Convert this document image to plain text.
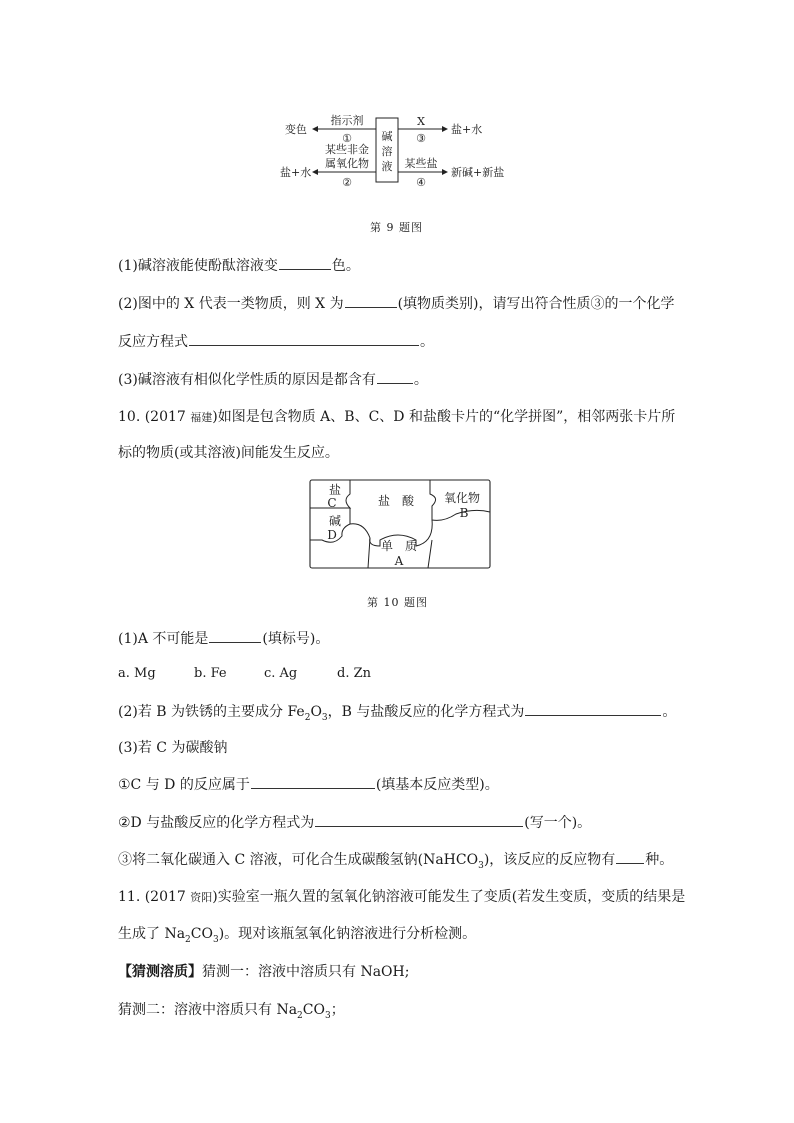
碱
溶
液
变色
指示剂
①
盐+水
某些非金
属氧化物
②
X
③
盐+水
某些盐
④
新碱+新盐
第 9 题图
(1)碱溶液能使酚酞溶液变	色。
(2)图中的 X 代表一类物质，则 X 为	(填物质类别)，请写出符合性质③的一个化学
反应方程式	。
(3)碱溶液有相似化学性质的原因是都含有	。
10. (2017 福建)如图是包含物质 A、B、C、D 和盐酸卡片的“化学拼图”，相邻两张卡片所
标的物质(或其溶液)间能发生反应。
盐
C	盐　酸 氧化物
B
碱
D
单　质
A
第 10 题图
(1)A 不可能是	(填标号)。
a. Mg	b. Fe	c. Ag	d. Zn
(2)若 B 为铁锈的主要成分 $Fe_2O_3$，B 与盐酸反应的化学方程式为	。
(3)若 C 为碳酸钠
①C 与 D 的反应属于	(填基本反应类型)。
②D 与盐酸反应的化学方程式为	(写一个)。
③将二氧化碳通入 C 溶液，可化合生成碳酸氢钠(NaHCO$_3$)，该反应的反应物有 种。
11. (2017 资阳)实验室一瓶久置的氢氧化钠溶液可能发生了变质(若发生变质，变质的结果是
生成了 $Na_2CO_3$)。现对该瓶氢氧化钠溶液进行分析检测。
【猜测溶质】猜测一：溶液中溶质只有 NaOH;
猜测二：溶液中溶质只有 $Na_2CO_3$；
